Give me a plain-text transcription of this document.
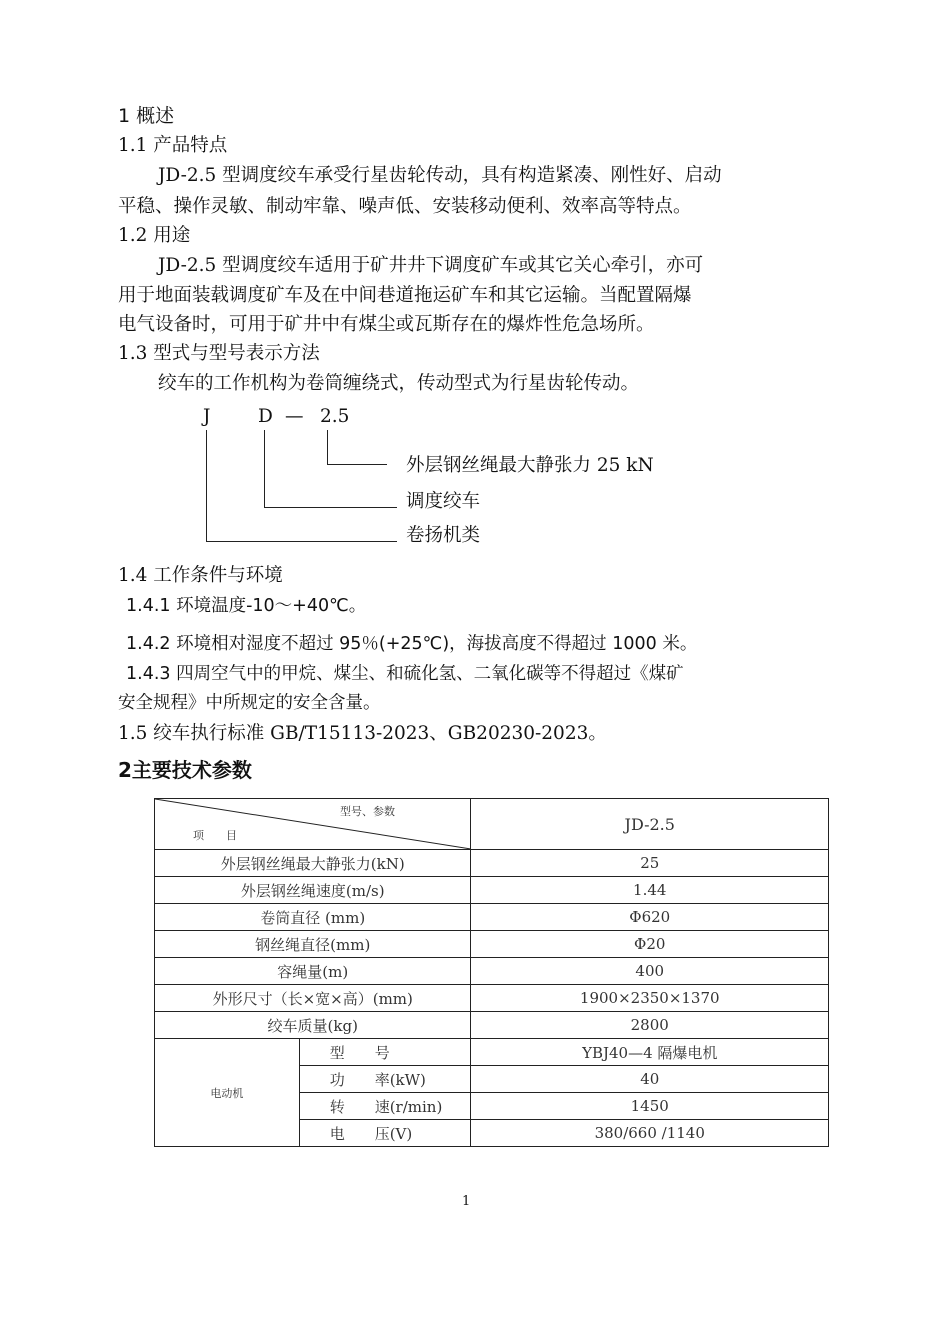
1 概述
1.1 产品特点
JD-2.5 型调度绞车承受行星齿轮传动，具有构造紧凑、刚性好、启动
平稳、操作灵敏、制动牢靠、噪声低、安装移动便利、效率高等特点。
1.2 用途
JD-2.5 型调度绞车适用于矿井井下调度矿车或其它关心牵引，亦可
用于地面装载调度矿车及在中间巷道拖运矿车和其它运输。当配置隔爆
电气设备时，可用于矿井中有煤尘或瓦斯存在的爆炸性危急场所。
1.3 型式与型号表示方法
绞车的工作机构为卷筒缠绕式，传动型式为行星齿轮传动。
J	D — 2.5
外层钢丝绳最大静张力 25 kN
调度绞车
卷扬机类
1.4 工作条件与环境
1.4.1 环境温度-10～+40℃。
1.4.2 环境相对湿度不超过 95％(+25℃)，海拔高度不得超过 1000 米。
1.4.3 四周空气中的甲烷、煤尘、和硫化氢、二氧化碳等不得超过《煤矿
安全规程》中所规定的安全含量。
1.5 绞车执行标准 GB/T15113-2023、GB20230-2023。
2主要技术参数
型号、参数
项　　目		JD-2.5
外层钢丝绳最大静张力(kN)		25
外层钢丝绳速度(m/s)		1.44
卷筒直径 (mm)		Φ620
钢丝绳直径(mm)		Φ20
容绳量(m)		400
外形尺寸（长×宽×高）(mm)		1900×2350×1370
绞车质量(kg)		2800
电动机	型　　号	YBJ40—4 隔爆电机
	功　　率(kW)	40
	转　　速(r/min)	1450
	电　　压(V)	380/660 /1140
1
